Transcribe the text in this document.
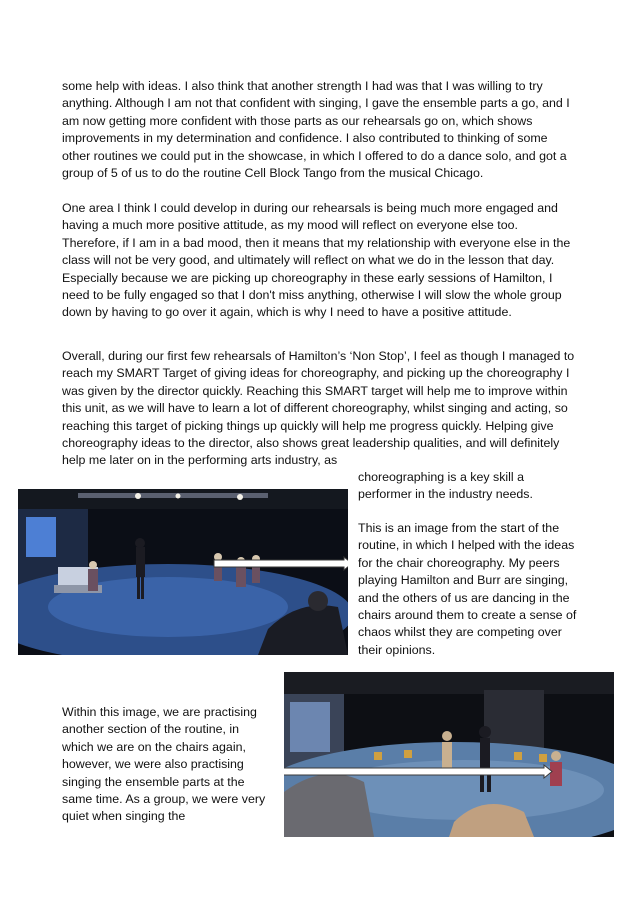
some help with ideas. I also think that another strength I had was that I was willing to try anything. Although I am not that confident with singing, I gave the ensemble parts a go, and I am now getting more confident with those parts as our rehearsals go on, which shows improvements in my determination and confidence. I also contributed to thinking of some other routines we could put in the showcase, in which I offered to do a dance solo, and got a group of 5 of us to do the routine Cell Block Tango from the musical Chicago.

One area I think I could develop in during our rehearsals is being much more engaged and having a much more positive attitude, as my mood will reflect on everyone else too. Therefore, if I am in a bad mood, then it means that my relationship with everyone else in the class will not be very good, and ultimately will reflect on what we do in the lesson that day. Especially because we are picking up choreography in these early sessions of Hamilton, I need to be fully engaged so that I don't miss anything, otherwise I will slow the whole group down by having to go over it again, which is why I need to have a positive attitude.

Overall, during our first few rehearsals of Hamilton’s ‘Non Stop’, I feel as though I managed to reach my SMART Target of giving ideas for choreography, and picking up the choreography I was given by the director quickly. Reaching this SMART target will help me to improve within this unit, as we will have to learn a lot of different choreography, whilst singing and acting, so reaching this target of picking things up quickly will help me progress quickly. Helping give choreography ideas to the director, also shows great leadership qualities, and will definitely help me later on in the performing arts industry, as

choreographing is a key skill a performer in the industry needs.

This is an image from the start of the routine, in which I helped with the ideas for the chair choreography. My peers playing Hamilton and Burr are singing, and the others of us are dancing in the chairs around them to create a sense of chaos whilst they are competing over their opinions.

Within this image, we are practising another section of the routine, in which we are on the chairs again, however, we were also practising singing the ensemble parts at the same time. As a group, we were very quiet when singing the
